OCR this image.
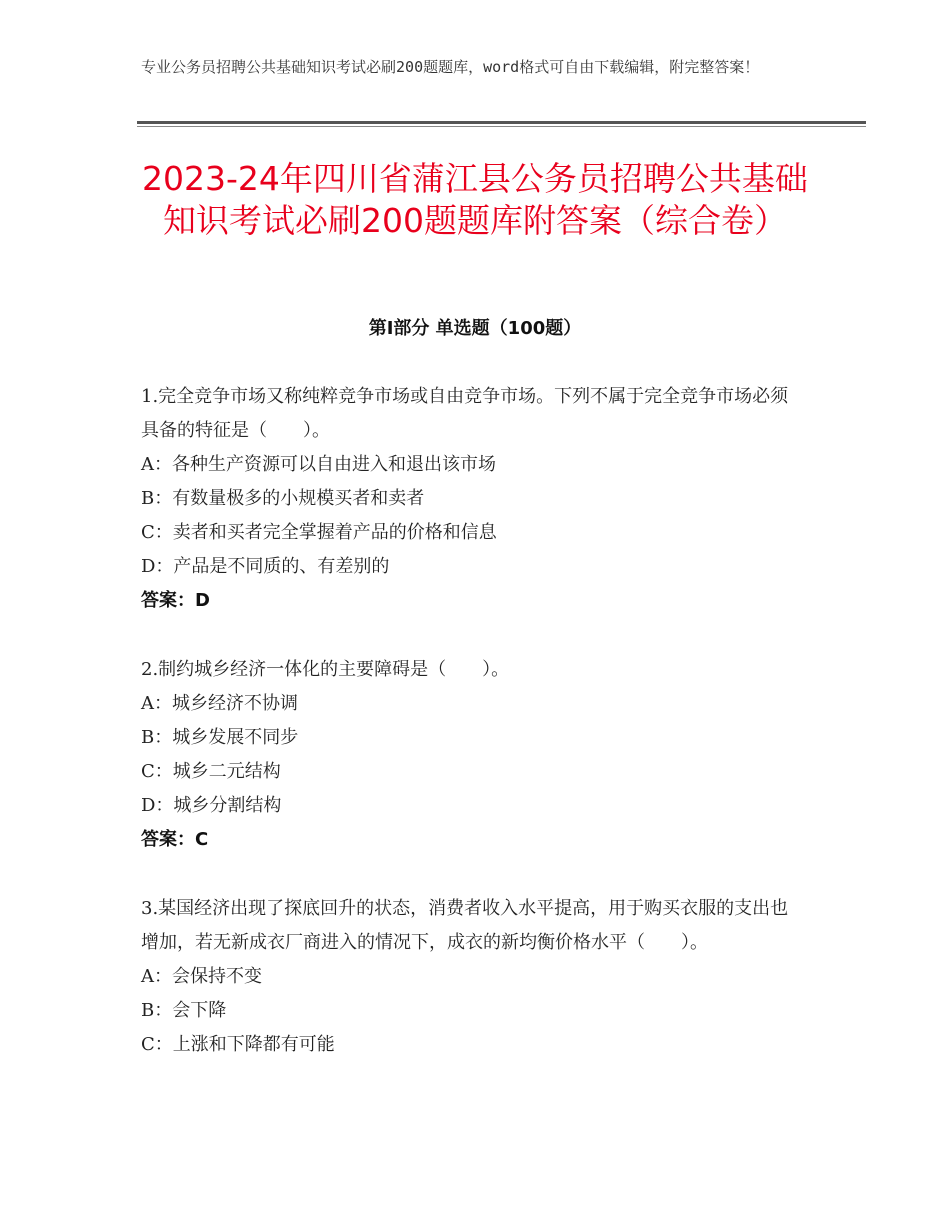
专业公务员招聘公共基础知识考试必刷200题题库，word格式可自由下载编辑，附完整答案！
2023-24年四川省蒲江县公务员招聘公共基础知识考试必刷200题题库附答案（综合卷）
第Ⅰ部分 单选题（100题）

1.完全竞争市场又称纯粹竞争市场或自由竞争市场。下列不属于完全竞争市场必须具备的特征是（　　）。

A：各种生产资源可以自由进入和退出该市场

B：有数量极多的小规模买者和卖者

C：卖者和买者完全掌握着产品的价格和信息

D：产品是不同质的、有差别的

答案：D

2.制约城乡经济一体化的主要障碍是（　　）。

A：城乡经济不协调

B：城乡发展不同步

C：城乡二元结构

D：城乡分割结构

答案：C

3.某国经济出现了探底回升的状态，消费者收入水平提高，用于购买衣服的支出也增加，若无新成衣厂商进入的情况下，成衣的新均衡价格水平（　　）。

A：会保持不变

B：会下降

C：上涨和下降都有可能
